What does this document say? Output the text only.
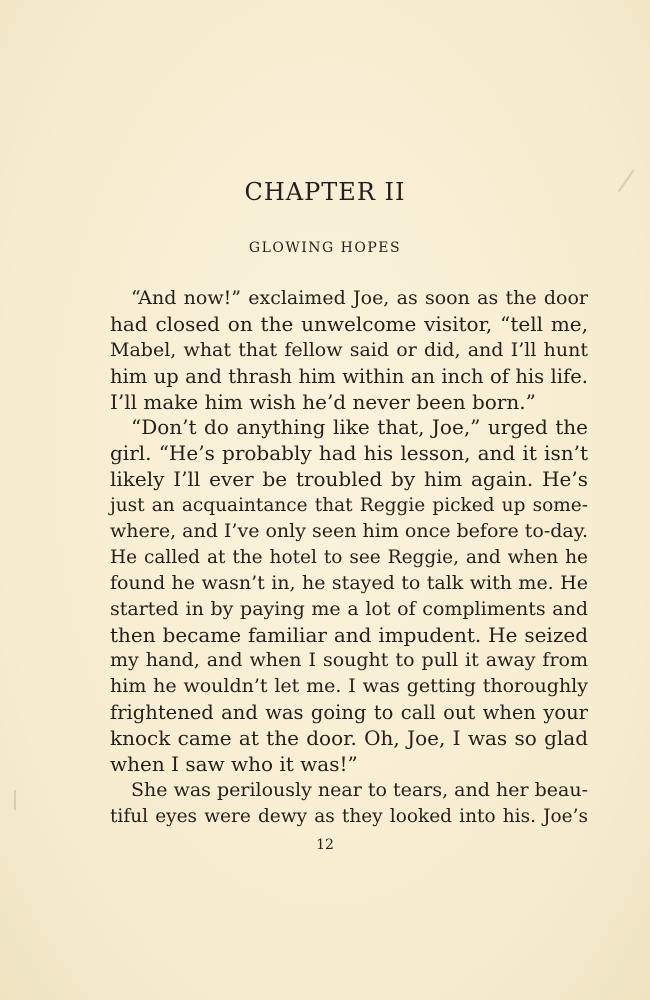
CHAPTER II
GLOWING HOPES
“And now!” exclaimed Joe, as soon as the door
had closed on the unwelcome visitor, “tell me,
Mabel, what that fellow said or did, and I’ll hunt
him up and thrash him within an inch of his life.
I’ll make him wish he’d never been born.”
“Don’t do anything like that, Joe,” urged the
girl. “He’s probably had his lesson, and it isn’t
likely I’ll ever be troubled by him again. He’s
just an acquaintance that Reggie picked up some-
where, and I’ve only seen him once before to-day.
He called at the hotel to see Reggie, and when he
found he wasn’t in, he stayed to talk with me. He
started in by paying me a lot of compliments and
then became familiar and impudent. He seized
my hand, and when I sought to pull it away from
him he wouldn’t let me. I was getting thoroughly
frightened and was going to call out when your
knock came at the door. Oh, Joe, I was so glad
when I saw who it was!”
She was perilously near to tears, and her beau-
tiful eyes were dewy as they looked into his. Joe’s
12
